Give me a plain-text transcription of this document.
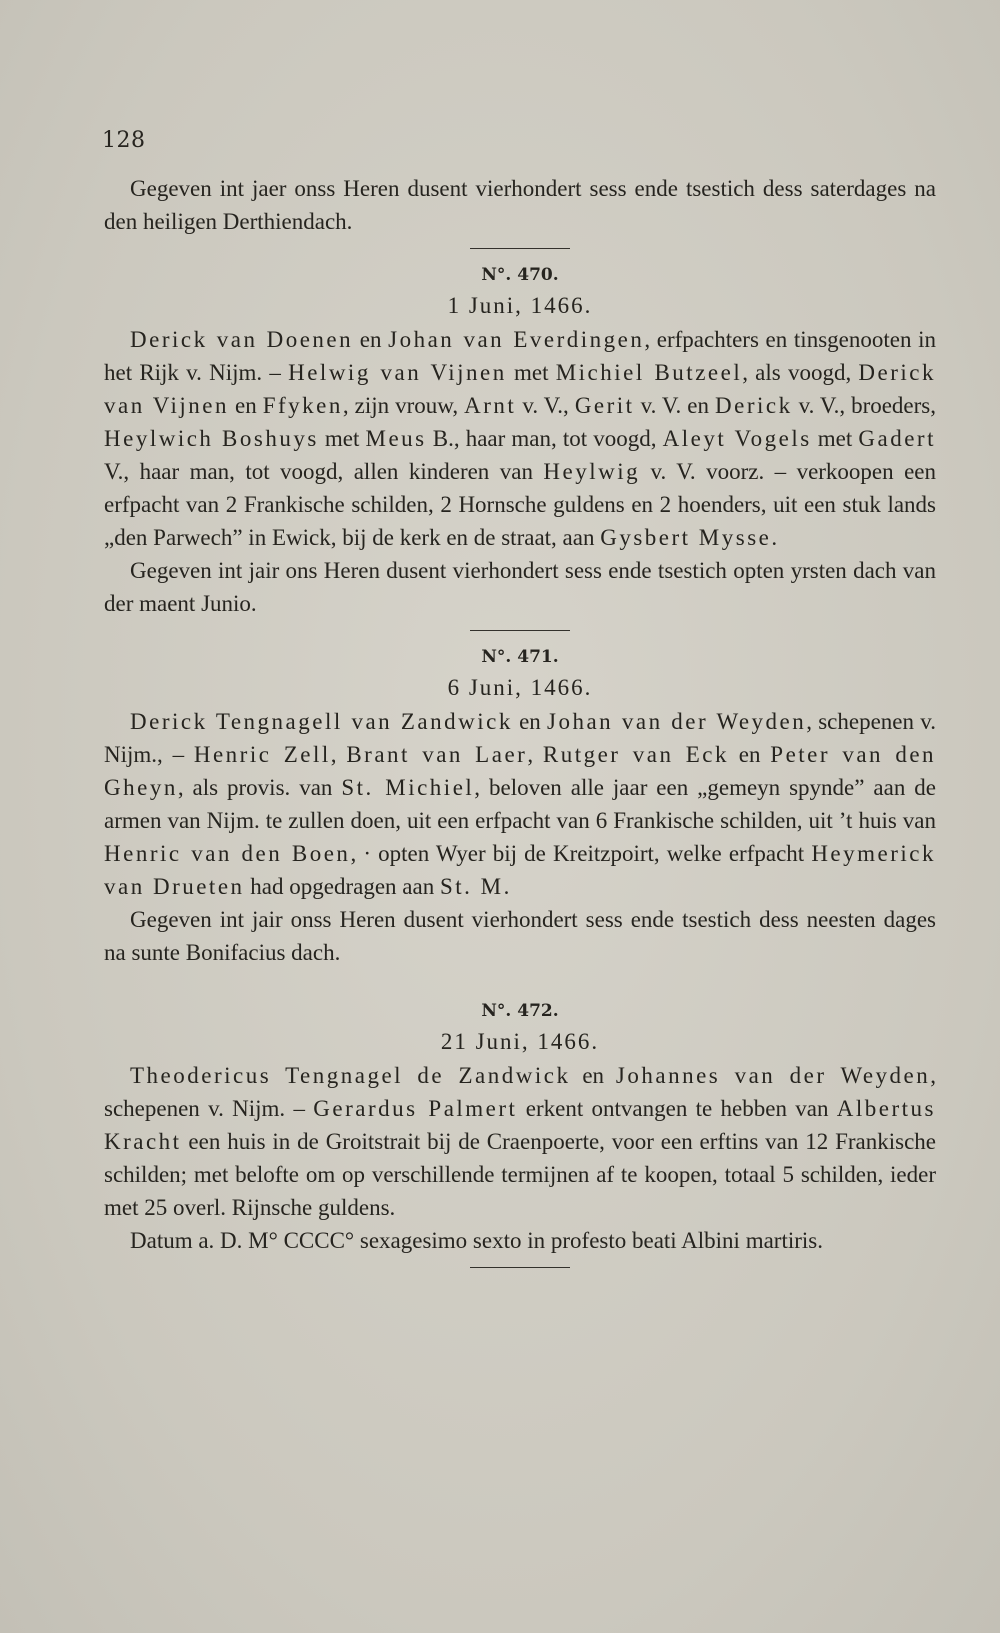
128

Gegeven int jaer onss Heren dusent vierhondert sess ende tsestich dess saterdages na den heiligen Derthiendach.

N°. 470.
1 Juni, 1466.

Derick van Doenen en Johan van Everdingen, erfpachters en tinsgenooten in het Rijk v. Nijm. – Helwig van Vijnen met Michiel Butzeel, als voogd, Derick van Vijnen en Ffyken, zijn vrouw, Arnt v. V., Gerit v. V. en Derick v. V., broeders, Heylwich Boshuys met Meus B., haar man, tot voogd, Aleyt Vogels met Gadert V., haar man, tot voogd, allen kinderen van Heylwig v. V. voorz. – verkoopen een erfpacht van 2 Frankische schilden, 2 Hornsche guldens en 2 hoenders, uit een stuk lands „den Parwech” in Ewick, bij de kerk en de straat, aan Gysbert Mysse.

Gegeven int jair ons Heren dusent vierhondert sess ende tsestich opten yrsten dach van der maent Junio.

N°. 471.
6 Juni, 1466.

Derick Tengnagell van Zandwick en Johan van der Weyden, schepenen v. Nijm., – Henric Zell, Brant van Laer, Rutger van Eck en Peter van den Gheyn, als provis. van St. Michiel, beloven alle jaar een „gemeyn spynde” aan de armen van Nijm. te zullen doen, uit een erfpacht van 6 Frankische schilden, uit ’t huis van Henric van den Boen, · opten Wyer bij de Kreitzpoirt, welke erfpacht Heymerick van Drueten had opgedragen aan St. M.

Gegeven int jair onss Heren dusent vierhondert sess ende tsestich dess neesten dages na sunte Bonifacius dach.

N°. 472.
21 Juni, 1466.

Theodericus Tengnagel de Zandwick en Johannes van der Weyden, schepenen v. Nijm. – Gerardus Palmert erkent ontvangen te hebben van Albertus Kracht een huis in de Groitstrait bij de Craenpoerte, voor een erftins van 12 Frankische schilden; met belofte om op verschillende termijnen af te koopen, totaal 5 schilden, ieder met 25 overl. Rijnsche guldens.

Datum a. D. M° CCCC° sexagesimo sexto in profesto beati Albini martiris.
